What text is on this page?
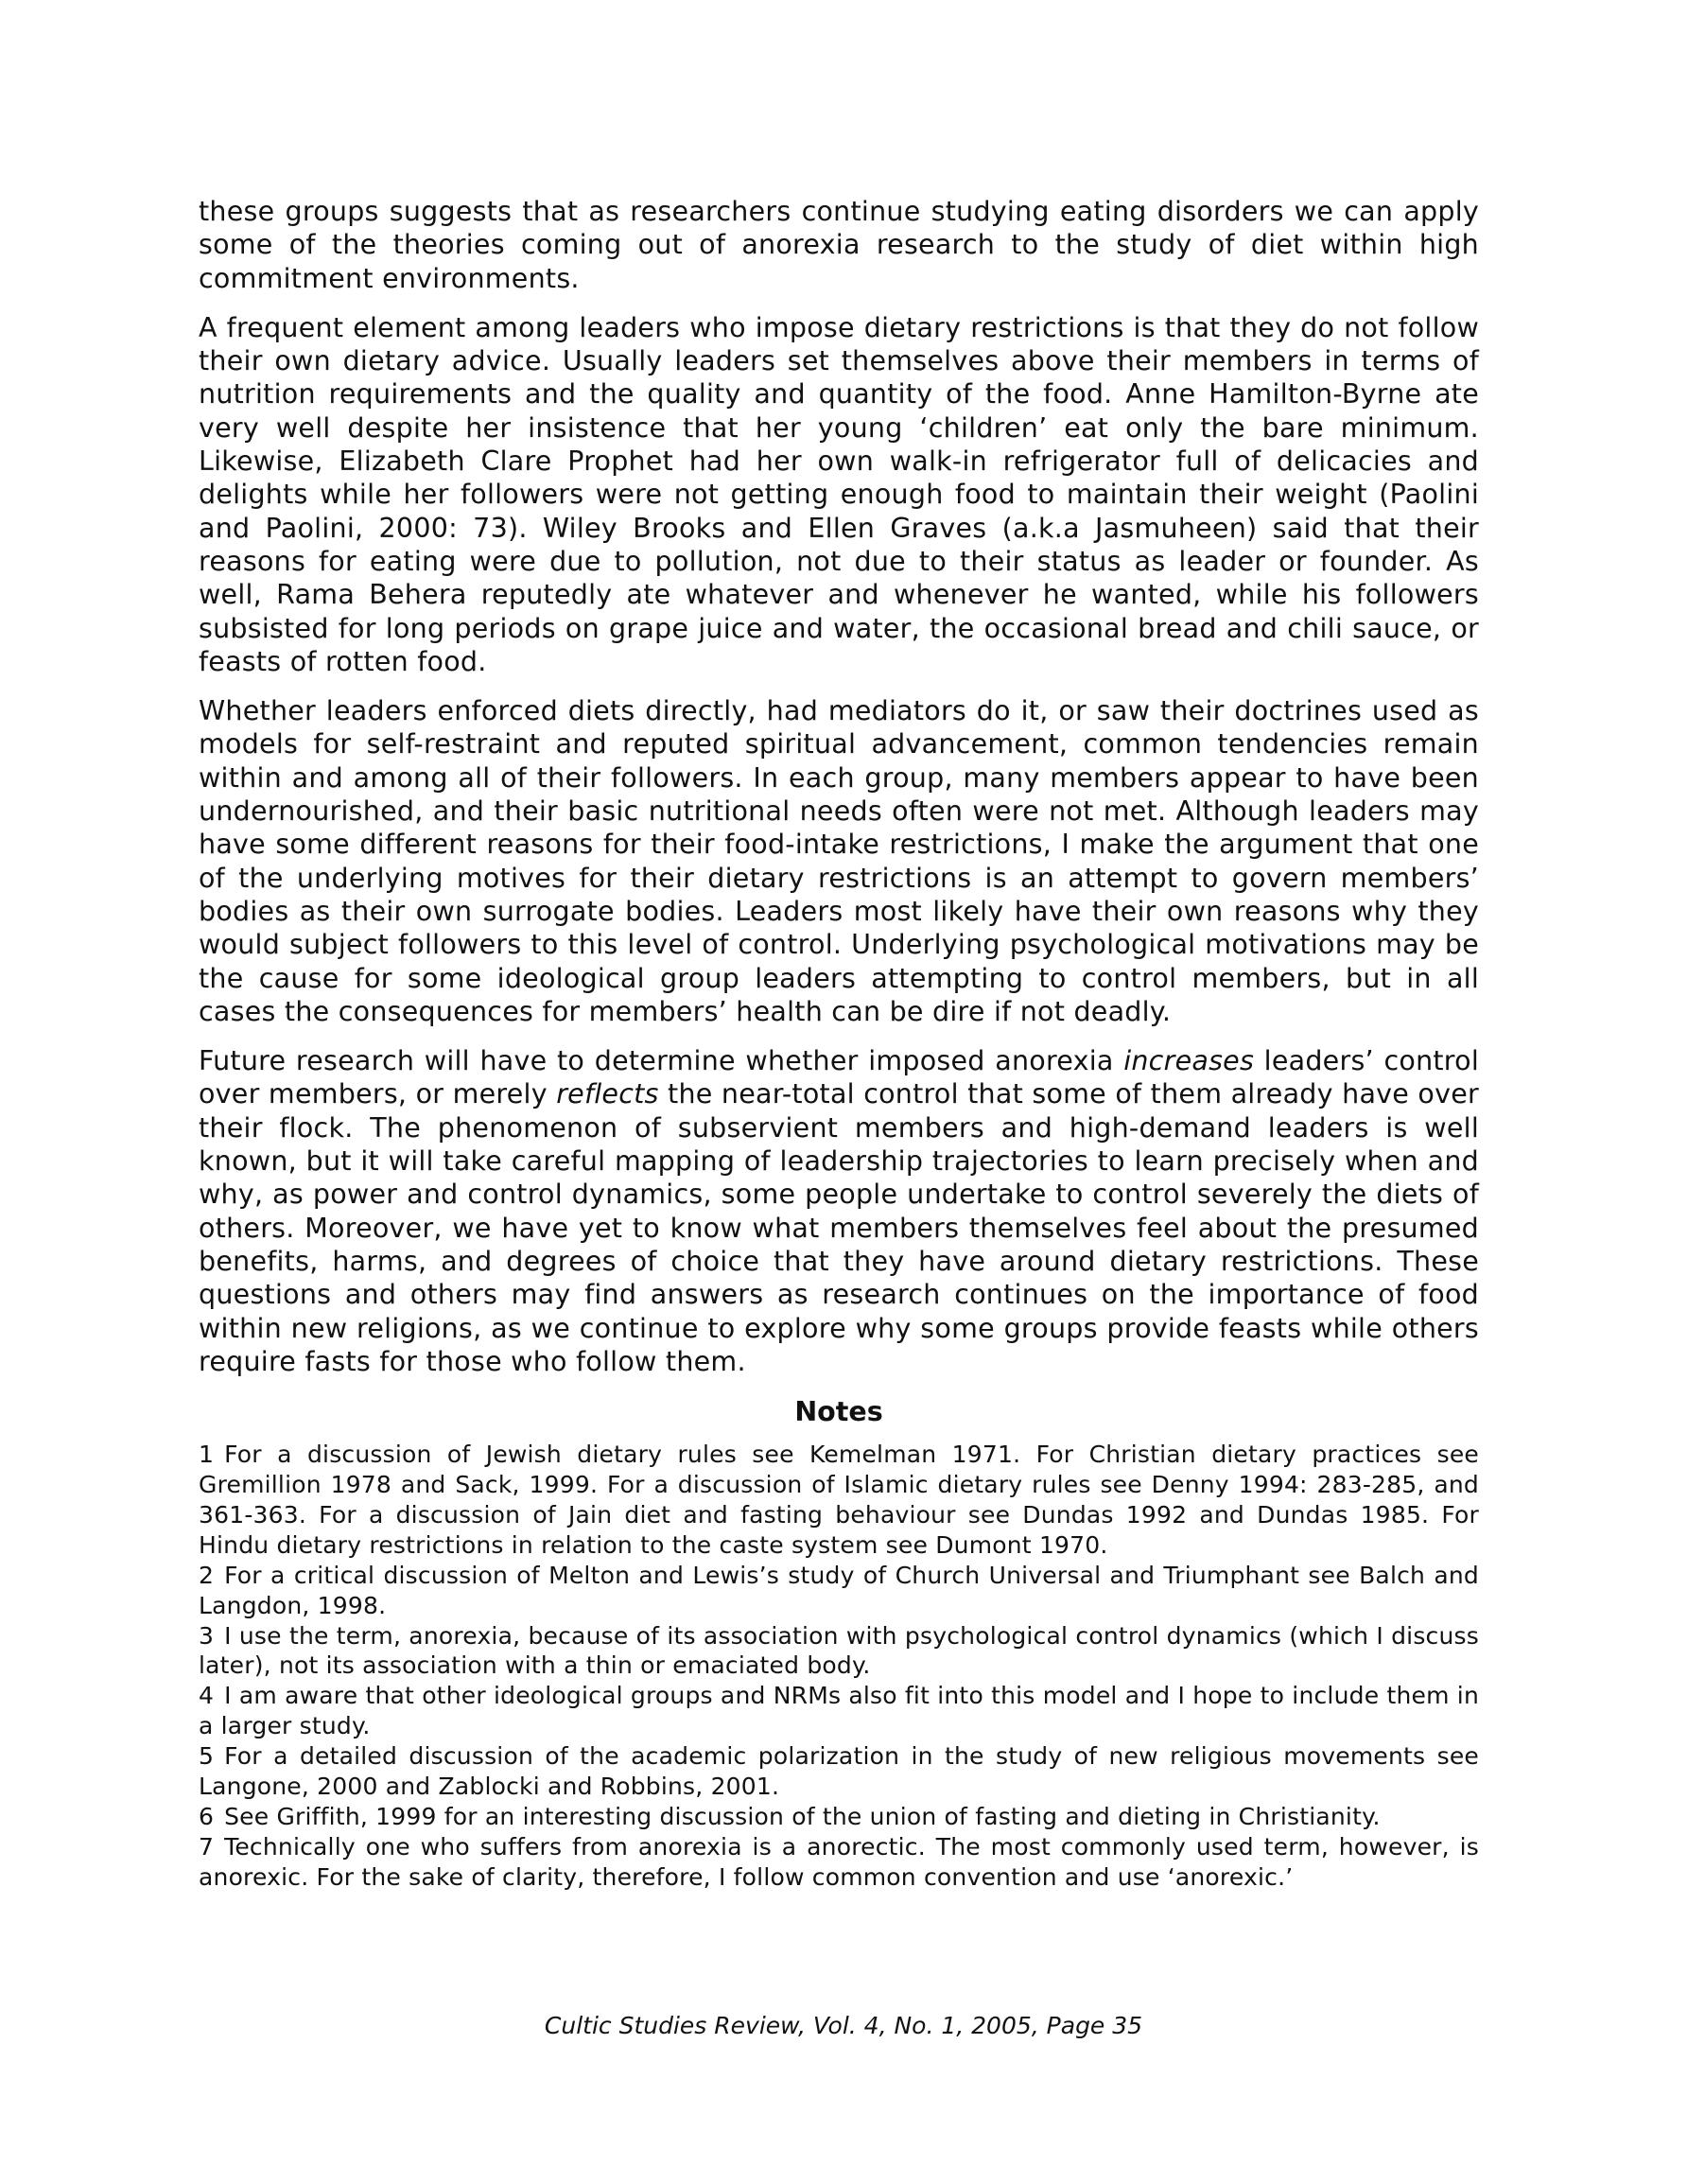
these groups suggests that as researchers continue studying eating disorders we can apply some of the theories coming out of anorexia research to the study of diet within high commitment environments.

A frequent element among leaders who impose dietary restrictions is that they do not follow their own dietary advice. Usually leaders set themselves above their members in terms of nutrition requirements and the quality and quantity of the food. Anne Hamilton-Byrne ate very well despite her insistence that her young ‘children’ eat only the bare minimum. Likewise, Elizabeth Clare Prophet had her own walk-in refrigerator full of delicacies and delights while her followers were not getting enough food to maintain their weight (Paolini and Paolini, 2000: 73). Wiley Brooks and Ellen Graves (a.k.a Jasmuheen) said that their reasons for eating were due to pollution, not due to their status as leader or founder. As well, Rama Behera reputedly ate whatever and whenever he wanted, while his followers subsisted for long periods on grape juice and water, the occasional bread and chili sauce, or feasts of rotten food.

Whether leaders enforced diets directly, had mediators do it, or saw their doctrines used as models for self-restraint and reputed spiritual advancement, common tendencies remain within and among all of their followers. In each group, many members appear to have been undernourished, and their basic nutritional needs often were not met. Although leaders may have some different reasons for their food-intake restrictions, I make the argument that one of the underlying motives for their dietary restrictions is an attempt to govern members’ bodies as their own surrogate bodies. Leaders most likely have their own reasons why they would subject followers to this level of control. Underlying psychological motivations may be the cause for some ideological group leaders attempting to control members, but in all cases the consequences for members’ health can be dire if not deadly.

Future research will have to determine whether imposed anorexia increases leaders’ control over members, or merely reflects the near-total control that some of them already have over their flock. The phenomenon of subservient members and high-demand leaders is well known, but it will take careful mapping of leadership trajectories to learn precisely when and why, as power and control dynamics, some people undertake to control severely the diets of others. Moreover, we have yet to know what members themselves feel about the presumed benefits, harms, and degrees of choice that they have around dietary restrictions. These questions and others may find answers as research continues on the importance of food within new religions, as we continue to explore why some groups provide feasts while others require fasts for those who follow them.

Notes

1 For a discussion of Jewish dietary rules see Kemelman 1971. For Christian dietary practices see Gremillion 1978 and Sack, 1999. For a discussion of Islamic dietary rules see Denny 1994: 283-285, and 361-363. For a discussion of Jain diet and fasting behaviour see Dundas 1992 and Dundas 1985. For Hindu dietary restrictions in relation to the caste system see Dumont 1970.

2 For a critical discussion of Melton and Lewis’s study of Church Universal and Triumphant see Balch and Langdon, 1998.

3 I use the term, anorexia, because of its association with psychological control dynamics (which I discuss later), not its association with a thin or emaciated body.

4 I am aware that other ideological groups and NRMs also fit into this model and I hope to include them in a larger study.

5 For a detailed discussion of the academic polarization in the study of new religious movements see Langone, 2000 and Zablocki and Robbins, 2001.

6 See Griffith, 1999 for an interesting discussion of the union of fasting and dieting in Christianity.

7 Technically one who suffers from anorexia is a anorectic. The most commonly used term, however, is anorexic. For the sake of clarity, therefore, I follow common convention and use ‘anorexic.’

Cultic Studies Review, Vol. 4, No. 1, 2005, Page 35
